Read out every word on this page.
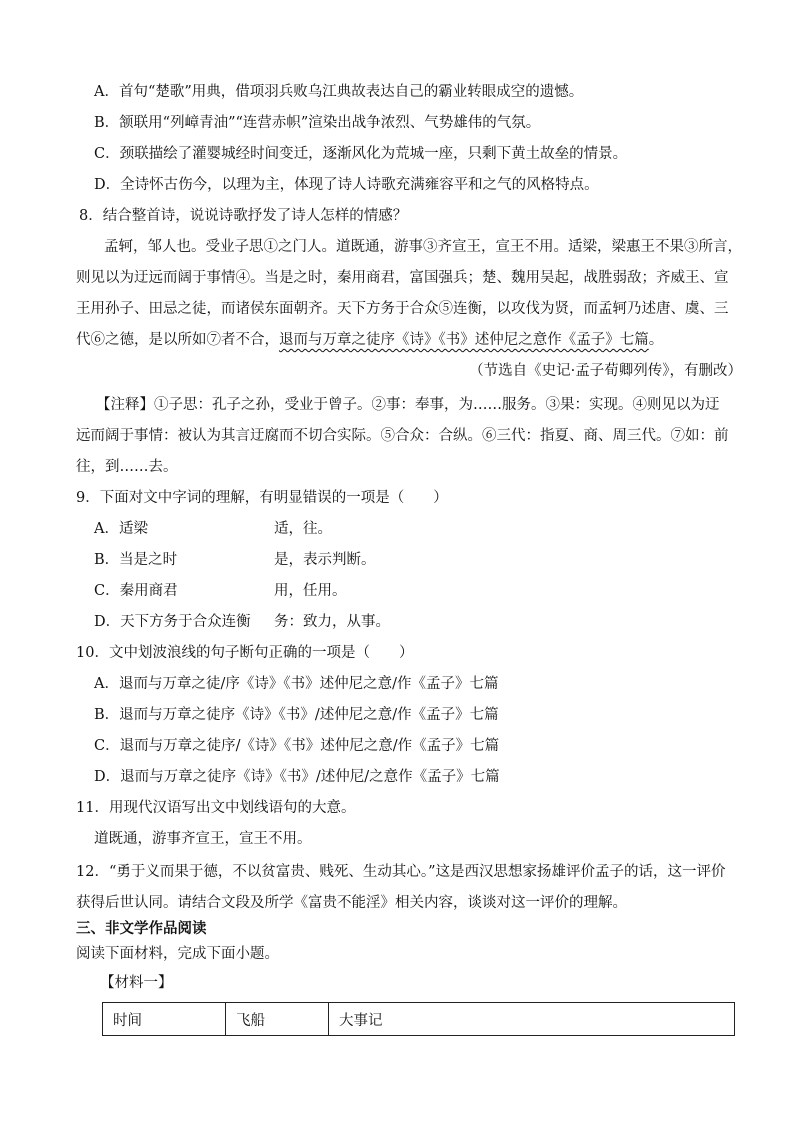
A．首句“楚歌”用典，借项羽兵败乌江典故表达自己的霸业转眼成空的遗憾。
B．颔联用“列嶂青油”“连营赤帜”渲染出战争浓烈、气势雄伟的气氛。
C．颈联描绘了灌婴城经时间变迁，逐渐风化为荒城一座，只剩下黄土故垒的情景。
D．全诗怀古伤今，以理为主，体现了诗人诗歌充满雍容平和之气的风格特点。
8．结合整首诗，说说诗歌抒发了诗人怎样的情感？
孟轲，邹人也。受业子思①之门人。道既通，游事③齐宣王，宣王不用。适梁，梁惠王不果③所言，
则见以为迂远而阔于事情④。当是之时，秦用商君，富国强兵；楚、魏用吴起，战胜弱敌；齐威王、宣
王用孙子、田忌之徒，而诸侯东面朝齐。天下方务于合众⑤连衡，以攻伐为贤，而孟轲乃述唐、虞、三
代⑥之德，是以所如⑦者不合，退而与万章之徒序《诗》《书》述仲尼之意作《孟子》七篇。
（节选自《史记·孟子荀卿列传》，有删改）
【注释】①子思：孔子之孙，受业于曾子。②事：奉事，为……服务。③果：实现。④则见以为迂
远而阔于事情：被认为其言迂腐而不切合实际。⑤合众：合纵。⑥三代：指夏、商、周三代。⑦如：前
往，到……去。
9．下面对文中字词的理解，有明显错误的一项是（　　）
A．适梁	适，往。
B．当是之时	是，表示判断。
C．秦用商君	用，任用。
D．天下方务于合众连衡 务：致力，从事。
10．文中划波浪线的句子断句正确的一项是（　　）
A．退而与万章之徒/序《诗》《书》述仲尼之意/作《孟子》七篇
B．退而与万章之徒序《诗》《书》/述仲尼之意/作《孟子》七篇
C．退而与万章之徒序/《诗》《书》述仲尼之意/作《孟子》七篇
D．退而与万章之徒序《诗》《书》/述仲尼/之意作《孟子》七篇
11．用现代汉语写出文中划线语句的大意。
道既通，游事齐宣王，宣王不用。
12．“勇于义而果于德，不以贫富贵、贱死、生动其心。”这是西汉思想家扬雄评价孟子的话，这一评价
获得后世认同。请结合文段及所学《富贵不能淫》相关内容，谈谈对这一评价的理解。
三、非文学作品阅读
阅读下面材料，完成下面小题。
【材料一】
时间	飞船	大事记
